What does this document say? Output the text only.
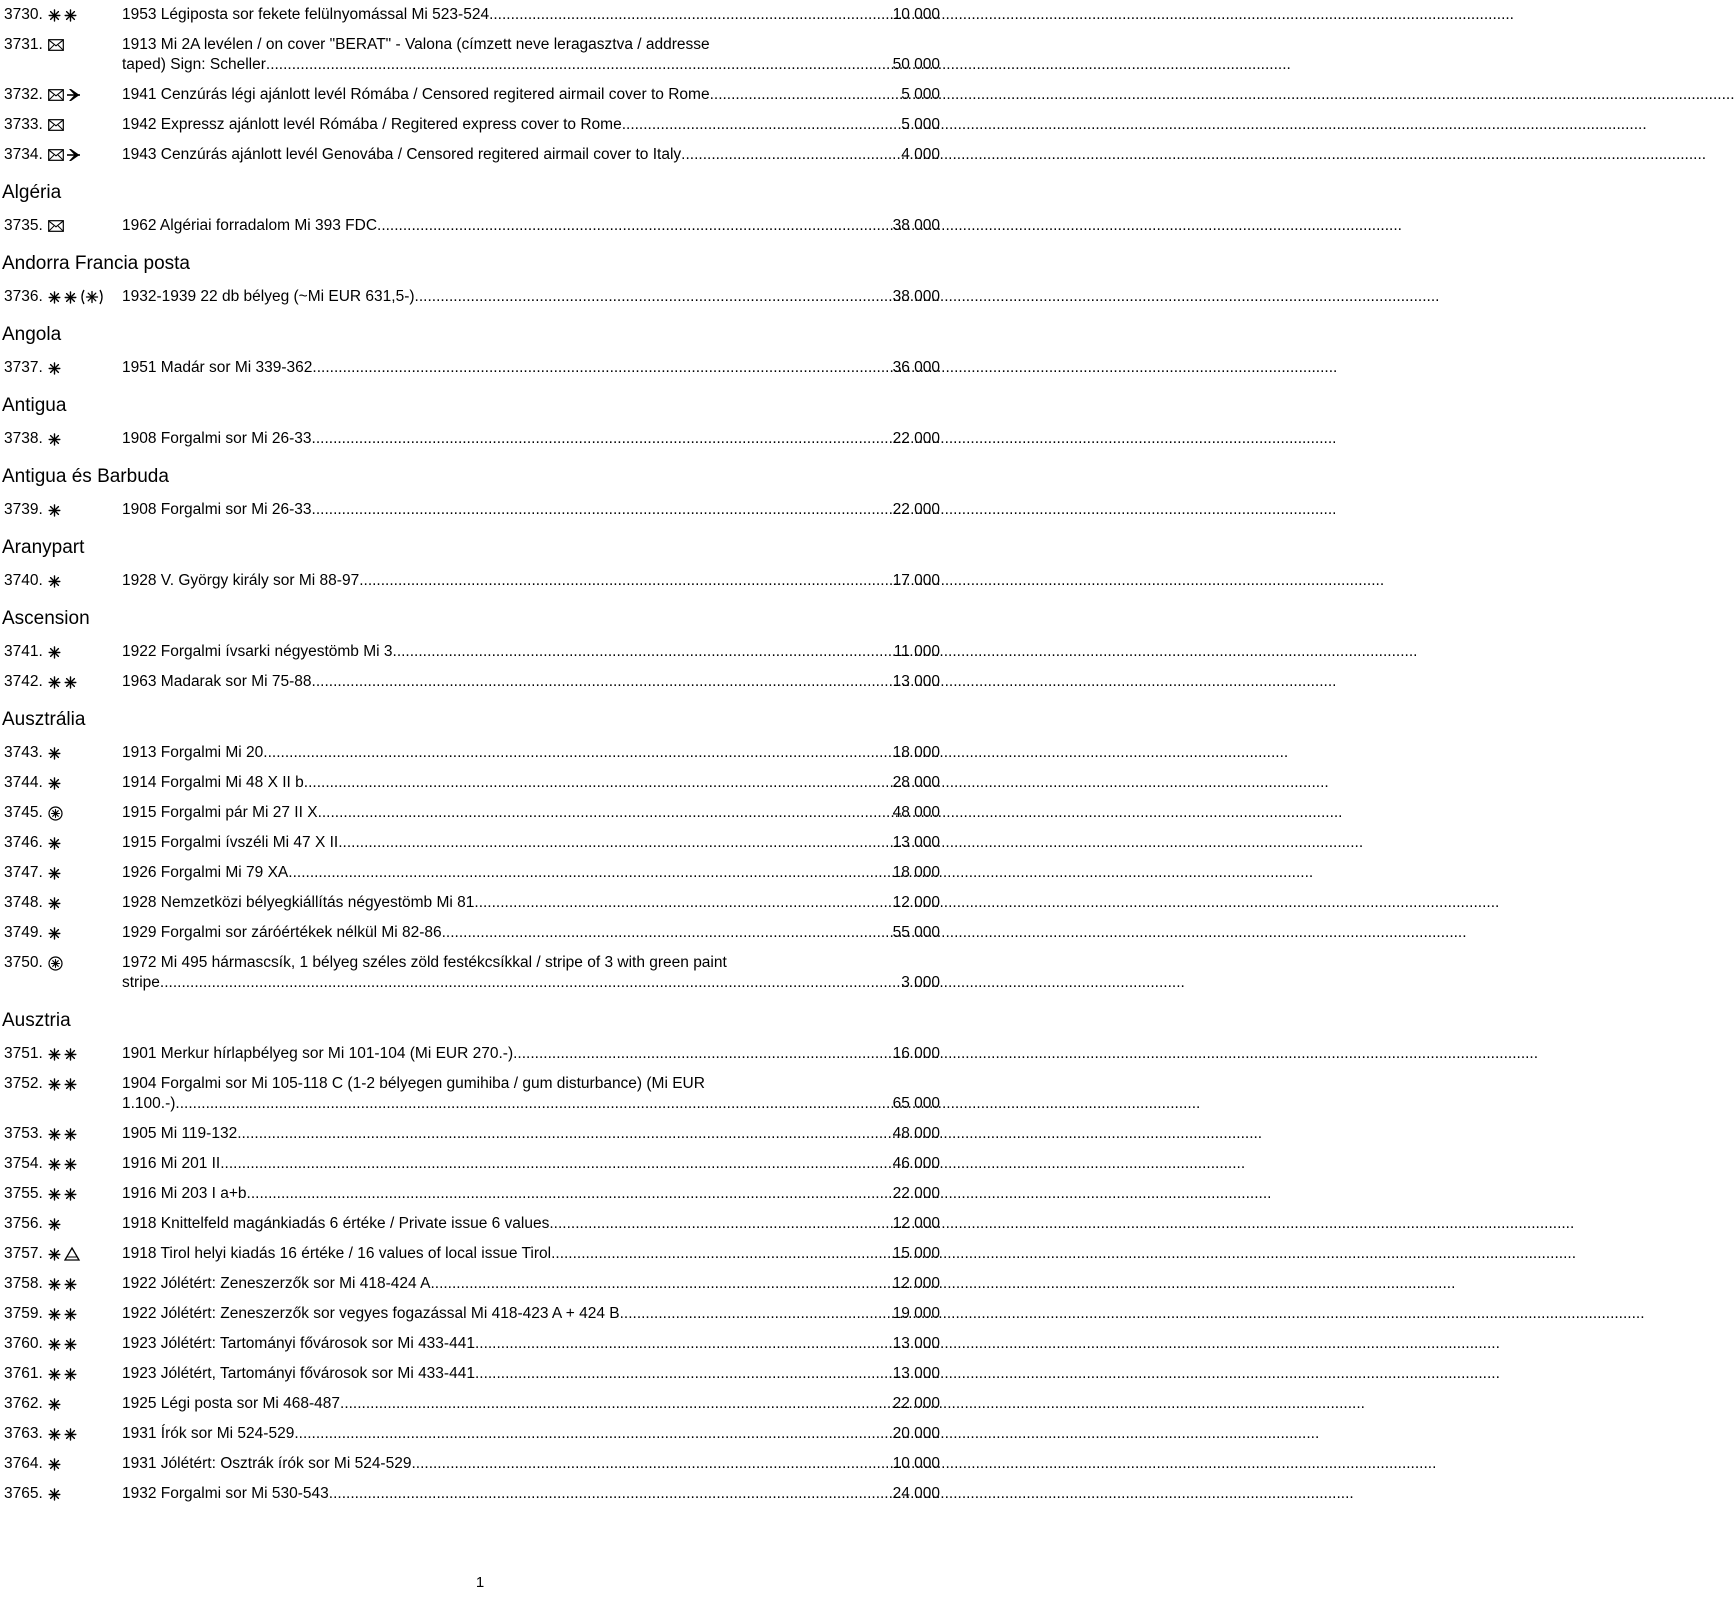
3730.	1953 Légiposta sor fekete felülnyomással Mi 523-524 .....	10 000
3731.	1913 Mi 2A levélen / on cover "BERAT" - Valona (címzett neve leragasztva / addresse
taped) Sign: Scheller .....	50 000
3732.	1941 Cenzúrás légi ajánlott levél Rómába / Censored regitered airmail cover to Rome .....	5 000
3733.	1942 Expressz ajánlott levél Rómába / Regitered express cover to Rome .....	5 000
3734.	1943 Cenzúrás ajánlott levél Genovába / Censored regitered airmail cover to Italy .....	4 000
Algéria
3735.	1962 Algériai forradalom Mi 393 FDC .....	38 000
Andorra Francia posta
3736.	1932-1939 22 db bélyeg (~Mi EUR 631,5-) .....	38 000
Angola
3737.	1951 Madár sor Mi 339-362 .....	36 000
Antigua
3738.	1908 Forgalmi sor Mi 26-33 .....	22 000
Antigua és Barbuda
3739.	1908 Forgalmi sor Mi 26-33 .....	22 000
Aranypart
3740.	1928 V. György király sor Mi 88-97 .....	17 000
Ascension
3741.	1922 Forgalmi ívsarki négyestömb Mi 3 .....	11 000
3742.	1963 Madarak sor Mi 75-88 .....	13 000
Ausztrália
3743.	1913 Forgalmi Mi 20 .....	18 000
3744.	1914 Forgalmi Mi 48 X II b .....	28 000
3745.	1915 Forgalmi pár Mi 27 II X .....	48 000
3746.	1915 Forgalmi ívszéli Mi 47 X II .....	13 000
3747.	1926 Forgalmi Mi 79 XA .....	18 000
3748.	1928 Nemzetközi bélyegkiállítás négyestömb Mi 81 .....	12 000
3749.	1929 Forgalmi sor záróértékek nélkül Mi 82-86 .....	55 000
3750.	1972 Mi 495 hármascsík, 1 bélyeg széles zöld festékcsíkkal / stripe of 3 with green paint
stripe .....	3 000
Ausztria
3751.	1901 Merkur hírlapbélyeg sor Mi 101-104 (Mi EUR 270.-) .....	16 000
3752.	1904 Forgalmi sor Mi 105-118 C (1-2 bélyegen gumihiba / gum disturbance) (Mi EUR
1.100.-) .....	65 000
3753.	1905 Mi 119-132 .....	48 000
3754.	1916 Mi 201 II .....	46 000
3755.	1916 Mi 203 I a+b .....	22 000
3756.	1918 Knittelfeld magánkiadás 6 értéke / Private issue 6 values .....	12 000
3757.	1918 Tirol helyi kiadás 16 értéke / 16 values of local issue Tirol .....	15 000
3758.	1922 Jólétért: Zeneszerzők sor Mi 418-424 A .....	12 000
3759.	1922 Jólétért: Zeneszerzők sor vegyes fogazással Mi 418-423 A + 424 B .....	19 000
3760.	1923 Jólétért: Tartományi fővárosok sor Mi 433-441 .....	13 000
3761.	1923 Jólétért, Tartományi fővárosok sor Mi 433-441 .....	13 000
3762.	1925 Légi posta sor Mi 468-487 .....	22 000
3763.	1931 Írók sor Mi 524-529 .....	20 000
3764.	1931 Jólétért: Osztrák írók sor Mi 524-529 .....	10 000
3765.	1932 Forgalmi sor Mi 530-543 .....	24 000
1
